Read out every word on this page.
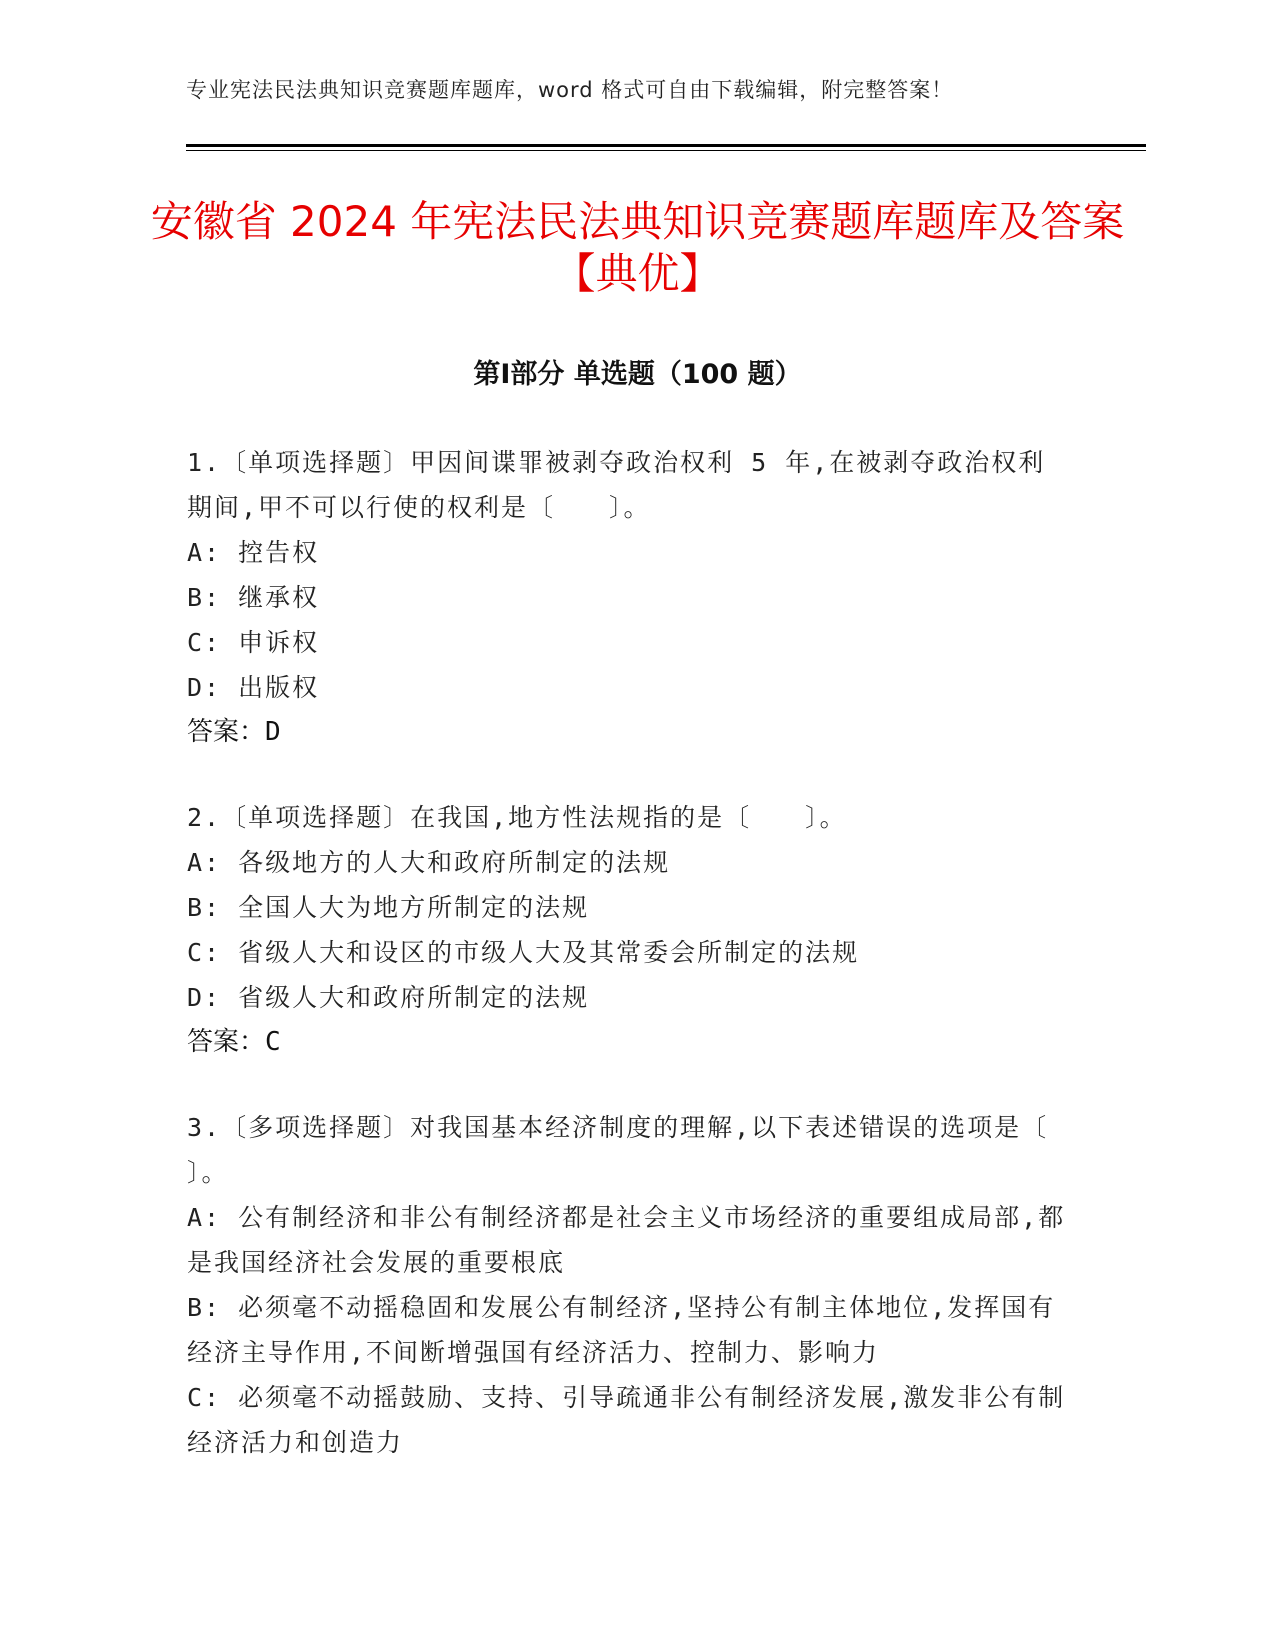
专业宪法民法典知识竞赛题库题库，word 格式可自由下载编辑，附完整答案！
安徽省 2024 年宪法民法典知识竞赛题库题库及答案【典优】
第Ⅰ部分 单选题（100 题）
1.〔单项选择题〕甲因间谍罪被剥夺政治权利 5 年,在被剥夺政治权利期间,甲不可以行使的权利是〔　　〕。
A: 控告权
B: 继承权
C: 申诉权
D: 出版权
答案：D
2.〔单项选择题〕在我国,地方性法规指的是〔　　〕。
A: 各级地方的人大和政府所制定的法规
B: 全国人大为地方所制定的法规
C: 省级人大和设区的市级人大及其常委会所制定的法规
D: 省级人大和政府所制定的法规
答案：C
3.〔多项选择题〕对我国基本经济制度的理解,以下表述错误的选项是〔　　〕。
A: 公有制经济和非公有制经济都是社会主义市场经济的重要组成局部,都是我国经济社会发展的重要根底
B: 必须毫不动摇稳固和发展公有制经济,坚持公有制主体地位,发挥国有经济主导作用,不间断增强国有经济活力、控制力、影响力
C: 必须毫不动摇鼓励、支持、引导疏通非公有制经济发展,激发非公有制经济活力和创造力
